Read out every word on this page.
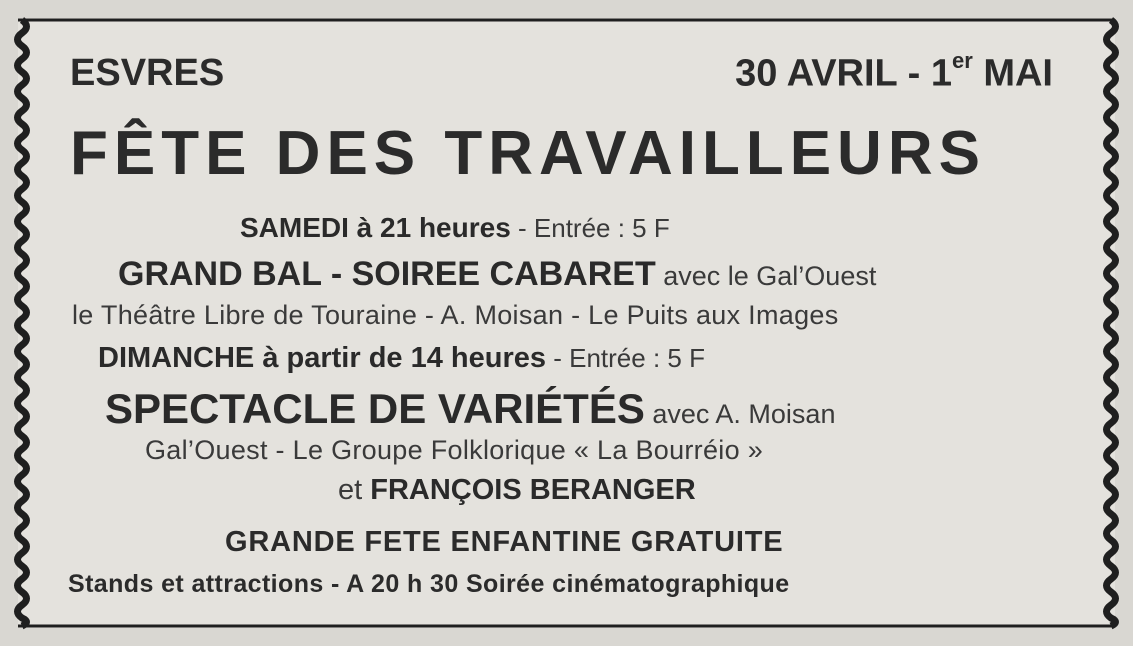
ESVRES	30 AVRIL - 1er MAI
FÊTE DES TRAVAILLEURS
SAMEDI à 21 heures - Entrée : 5 F
GRAND BAL - SOIREE CABARET avec le Gal’Ouest
le Théâtre Libre de Touraine - A. Moisan - Le Puits aux Images
DIMANCHE à partir de 14 heures - Entrée : 5 F
SPECTACLE DE VARIÉTÉS avec A. Moisan
Gal’Ouest - Le Groupe Folklorique « La Bourréio »
et FRANÇOIS BERANGER
GRANDE FETE ENFANTINE GRATUITE
Stands et attractions - A 20 h 30 Soirée cinématographique
